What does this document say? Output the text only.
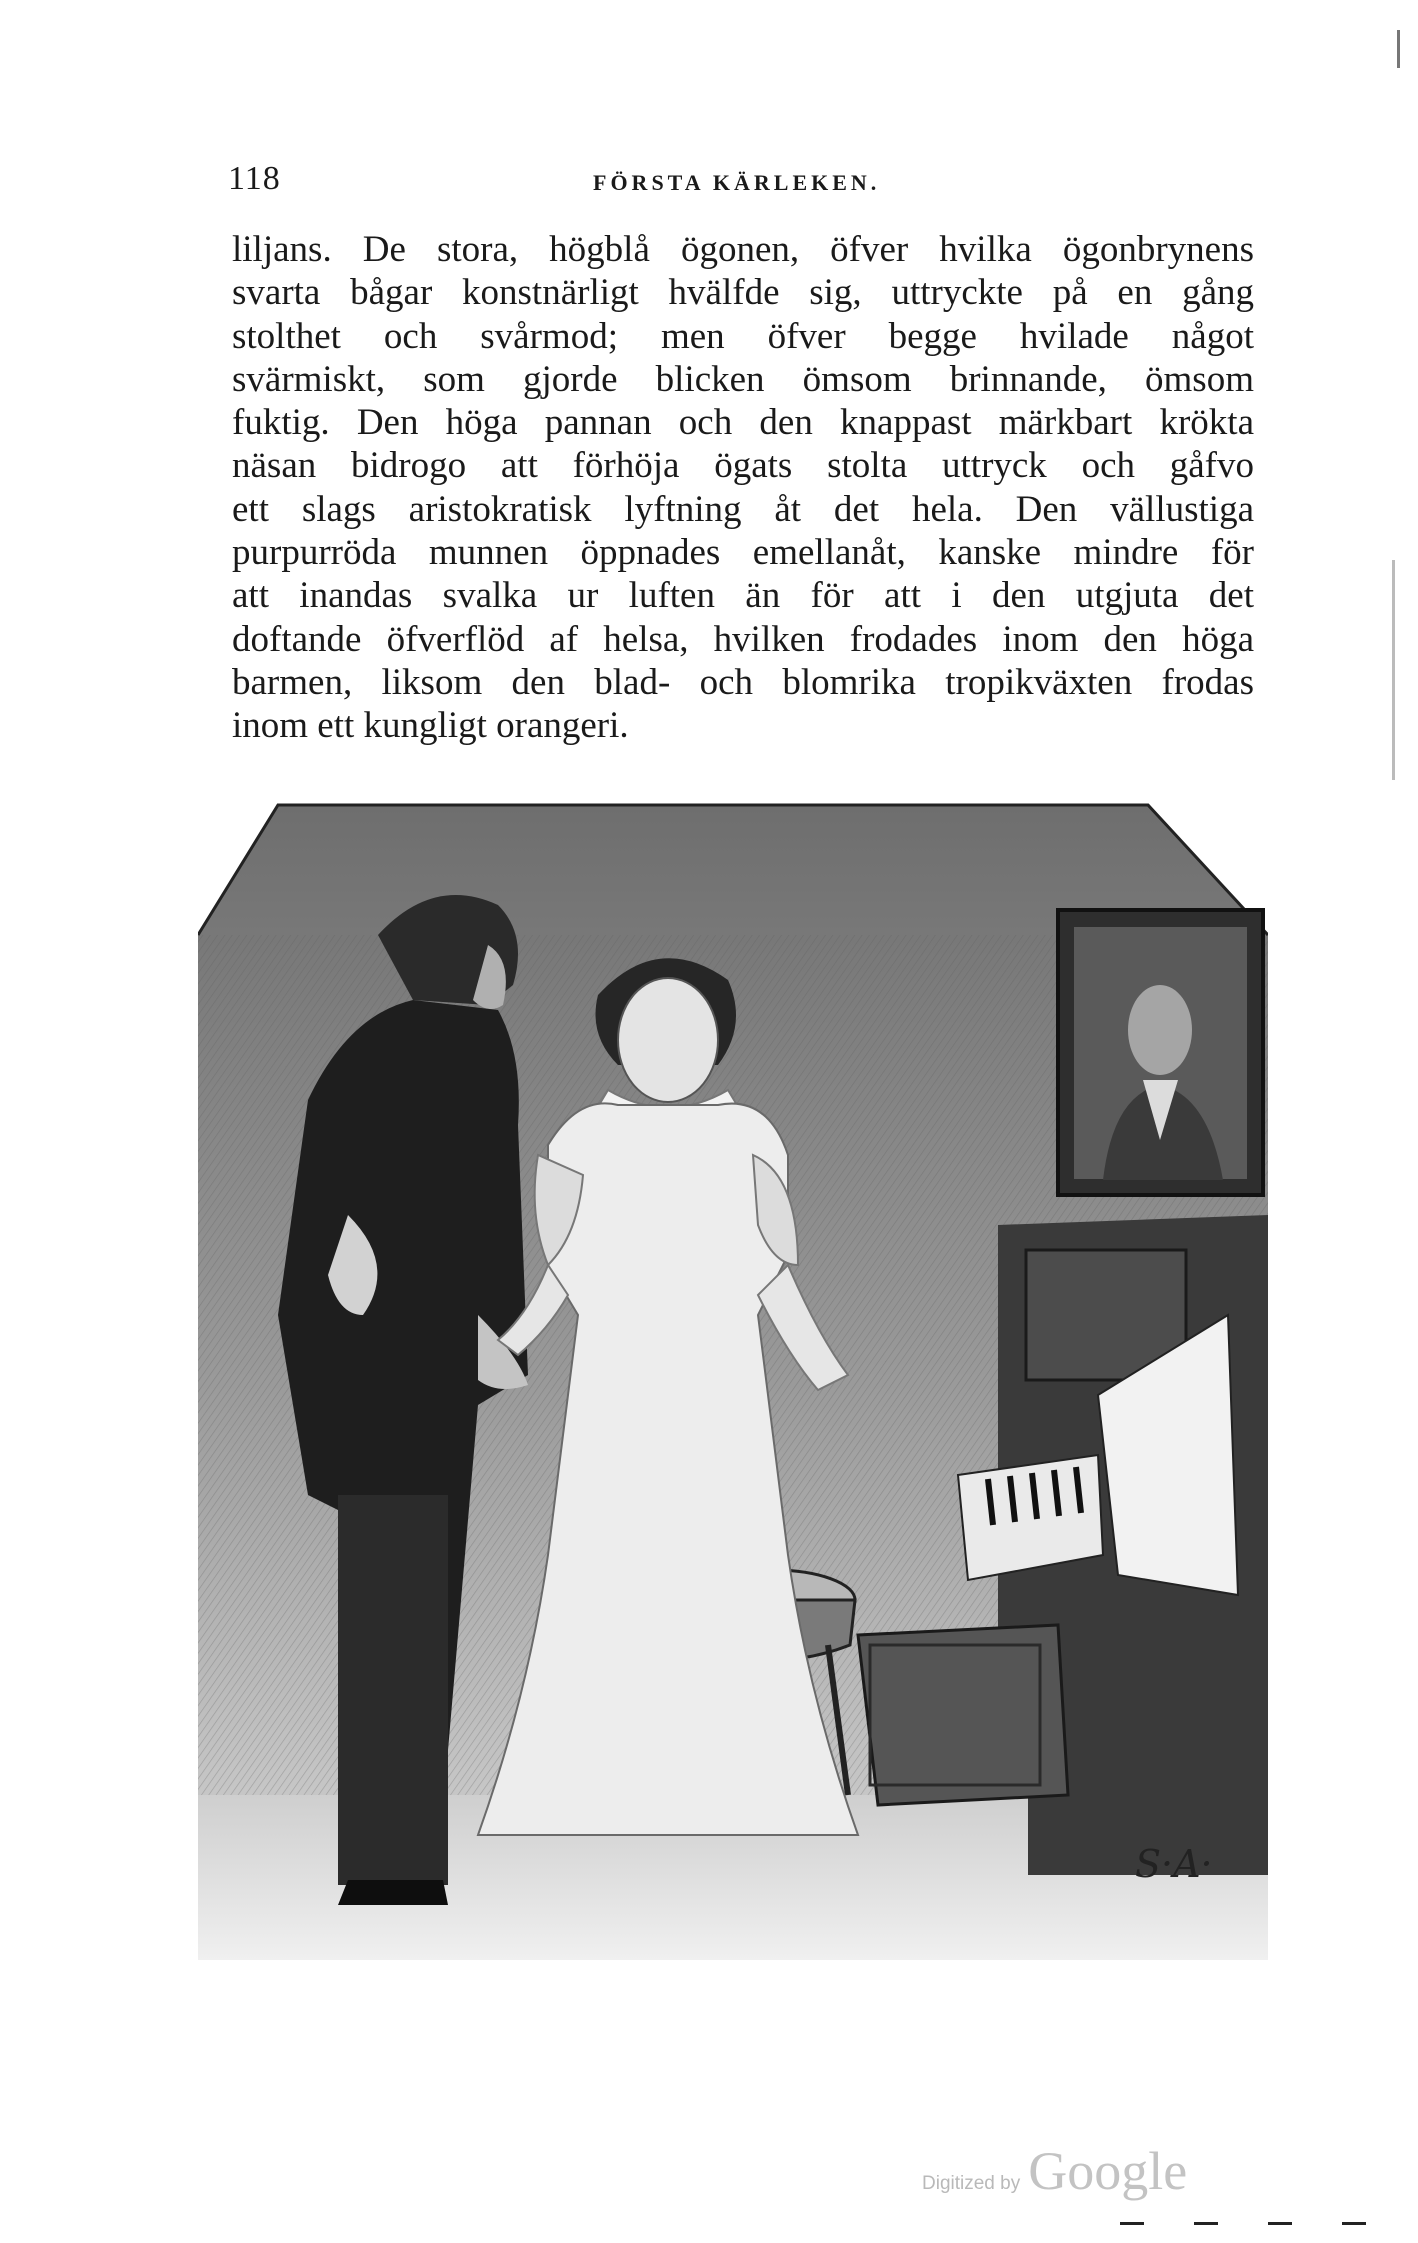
118	FÖRSTA KÄRLEKEN.
liljans. De stora, högblå ögonen, öfver hvilka ögonbrynens
svarta bågar konstnärligt hvälfde sig, uttryckte på en gång
stolthet och svårmod; men öfver begge hvilade något
svärmiskt, som gjorde blicken ömsom brinnande, ömsom
fuktig. Den höga pannan och den knappast märkbart krökta
näsan bidrogo att förhöja ögats stolta uttryck och gåfvo
ett slags aristokratisk lyftning åt det hela. Den vällustiga
purpurröda munnen öppnades emellanåt, kanske mindre för
att inandas svalka ur luften än för att i den utgjuta det
doftande öfverflöd af helsa, hvilken frodades inom den höga
barmen, liksom den blad- och blomrika tropikväxten frodas
inom ett kungligt orangeri.
S·A·
Digitized by Google
